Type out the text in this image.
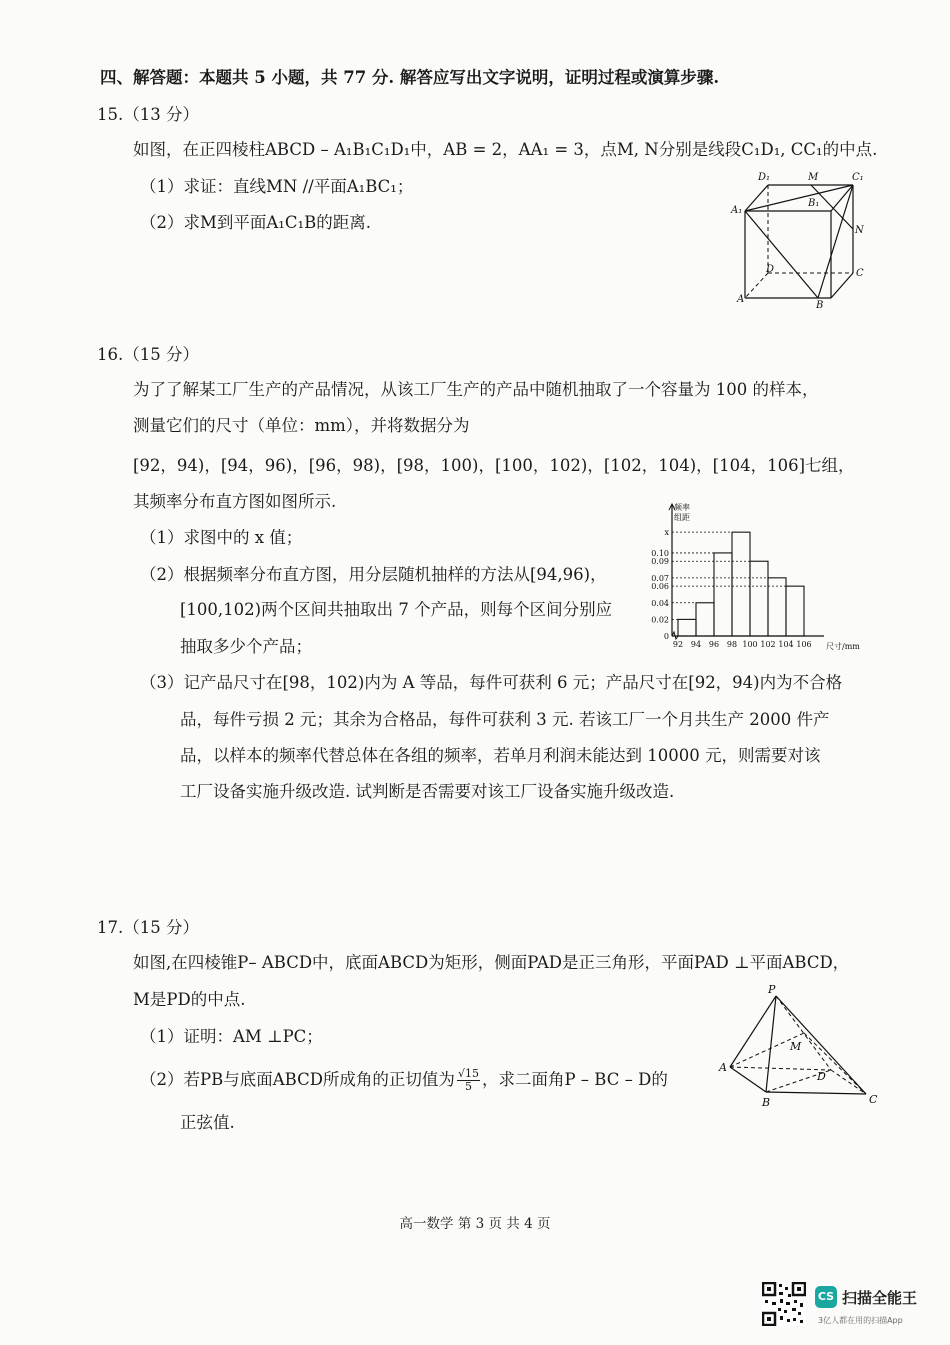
四、解答题：本题共 5 小题，共 77 分. 解答应写出文字说明，证明过程或演算步骤.
15.（13 分）
如图，在正四棱柱ABCD – A₁B₁C₁D₁中，AB = 2，AA₁ = 3，点M, N分别是线段C₁D₁, CC₁的中点.
（1）求证：直线MN //平面A₁BC₁；
（2）求M到平面A₁C₁B的距离.
D₁	M	C₁
B₁
A₁
N
D	C
A
B
16.（15 分）
为了了解某工厂生产的产品情况，从该工厂生产的产品中随机抽取了一个容量为 100 的样本，
测量它们的尺寸（单位：mm），并将数据分为
[92，94)，[94，96)，[96，98)，[98，100)，[100，102)，[102，104)，[104，106]七组，
其频率分布直方图如图所示.
（1）求图中的 x 值；
（2）根据频率分布直方图，用分层随机抽样的方法从[94,96)，
[100,102)两个区间共抽取出 7 个产品，则每个区间分别应
抽取多少个产品；
频率
组距
尺寸/mm
0.02
0.04
0.06
0.07
0.09
0.10
x
0
92 94 96 98 100 102 104 106
（3）记产品尺寸在[98，102)内为 A 等品，每件可获利 6 元；产品尺寸在[92，94)内为不合格
品，每件亏损 2 元；其余为合格品，每件可获利 3 元. 若该工厂一个月共生产 2000 件产
品，以样本的频率代替总体在各组的频率，若单月利润未能达到 10000 元，则需要对该
工厂设备实施升级改造. 试判断是否需要对该工厂设备实施升级改造.
17.（15 分）
如图,在四棱锥P– ABCD中，底面ABCD为矩形，侧面PAD是正三角形，平面PAD ⊥平面ABCD，
M是PD的中点.
（1）证明：AM ⊥PC；
（2）若PB与底面ABCD所成角的正切值为 $\frac{√15}{5}$ ，求二面角P – BC – D的
正弦值.
P
M
A
D
B	C
高一数学 第 3 页 共 4 页
CS 扫描全能王
3亿人都在用的扫描App
